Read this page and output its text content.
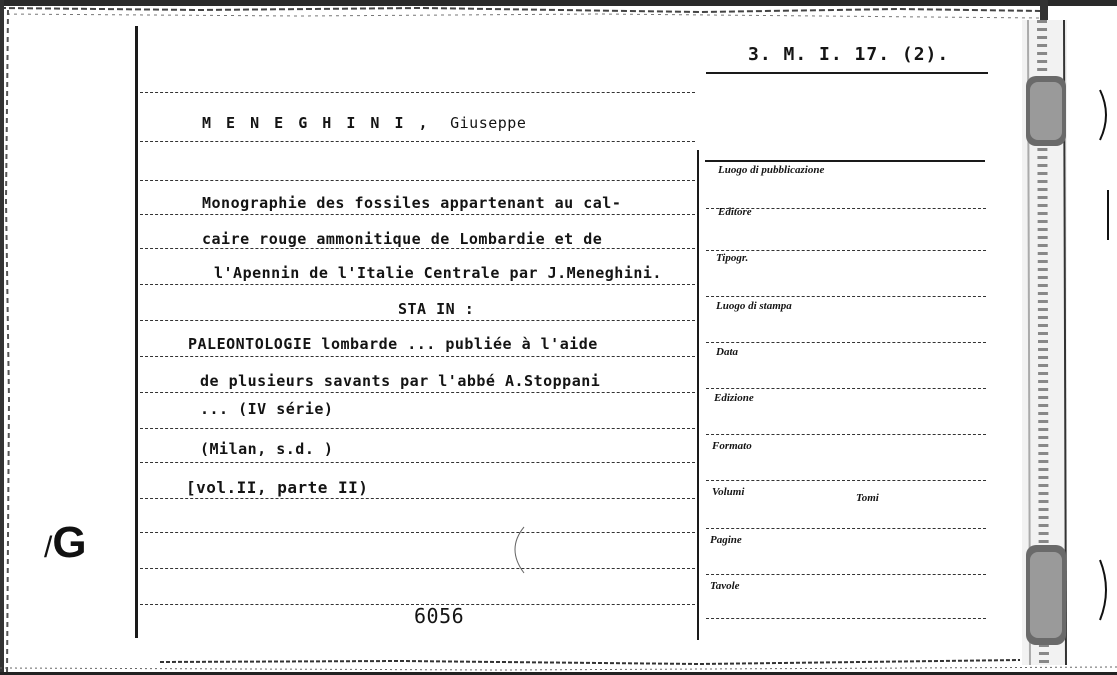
3. M. I. 17. (2).
M E N E G H I N I , Giuseppe
Monographie des fossiles appartenant au cal-
caire rouge ammonitique de Lombardie et de
l'Apennin de l'Italie Centrale par J.Meneghini.
STA IN :
PALEONTOLOGIE lombarde ... publiée à l'aide
de plusieurs savants par l'abbé A.Stoppani
... (IV série)
(Milan, s.d. )
[vol.II, parte II)
6056
/G
Luogo di pubblicazione
Editore
Tipogr.
Luogo di stampa
Data
Edizione
Formato
Volumi	Tomi
Pagine
Tavole
